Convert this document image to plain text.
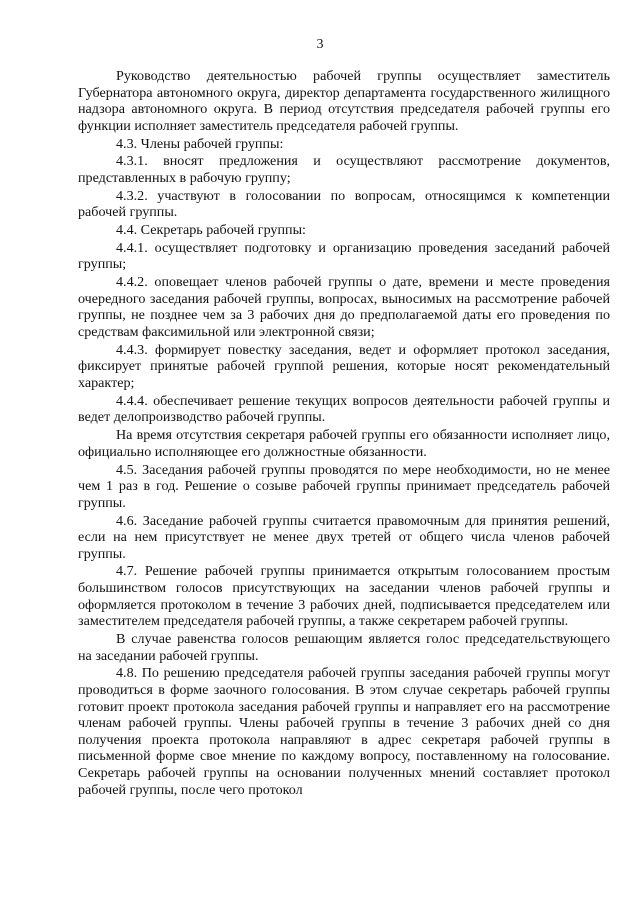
3

Руководство деятельностью рабочей группы осуществляет заместитель Губернатора автономного округа, директор департамента государственного жилищного надзора автономного округа. В период отсутствия председателя рабочей группы его функции исполняет заместитель председателя рабочей группы.

4.3. Члены рабочей группы:

4.3.1. вносят предложения и осуществляют рассмотрение документов, представленных в рабочую группу;

4.3.2. участвуют в голосовании по вопросам, относящимся к компетенции рабочей группы.

4.4. Секретарь рабочей группы:

4.4.1. осуществляет подготовку и организацию проведения заседаний рабочей группы;

4.4.2. оповещает членов рабочей группы о дате, времени и месте проведения очередного заседания рабочей группы, вопросах, выносимых на рассмотрение рабочей группы, не позднее чем за 3 рабочих дня до предполагаемой даты его проведения по средствам факсимильной или электронной связи;

4.4.3. формирует повестку заседания, ведет и оформляет протокол заседания, фиксирует принятые рабочей группой решения, которые носят рекомендательный характер;

4.4.4. обеспечивает решение текущих вопросов деятельности рабочей группы и ведет делопроизводство рабочей группы.

На время отсутствия секретаря рабочей группы его обязанности исполняет лицо, официально исполняющее его должностные обязанности.

4.5. Заседания рабочей группы проводятся по мере необходимости, но не менее чем 1 раз в год. Решение о созыве рабочей группы принимает председатель рабочей группы.

4.6. Заседание рабочей группы считается правомочным для принятия решений, если на нем присутствует не менее двух третей от общего числа членов рабочей группы.

4.7. Решение рабочей группы принимается открытым голосованием простым большинством голосов присутствующих на заседании членов рабочей группы и оформляется протоколом в течение 3 рабочих дней, подписывается председателем или заместителем председателя рабочей группы, а также секретарем рабочей группы.

В случае равенства голосов решающим является голос председательствующего на заседании рабочей группы.

4.8. По решению председателя рабочей группы заседания рабочей группы могут проводиться в форме заочного голосования. В этом случае секретарь рабочей группы готовит проект протокола заседания рабочей группы и направляет его на рассмотрение членам рабочей группы. Члены рабочей группы в течение 3 рабочих дней со дня получения проекта протокола направляют в адрес секретаря рабочей группы в письменной форме свое мнение по каждому вопросу, поставленному на голосование. Секретарь рабочей группы на основании полученных мнений составляет протокол рабочей группы, после чего протокол
